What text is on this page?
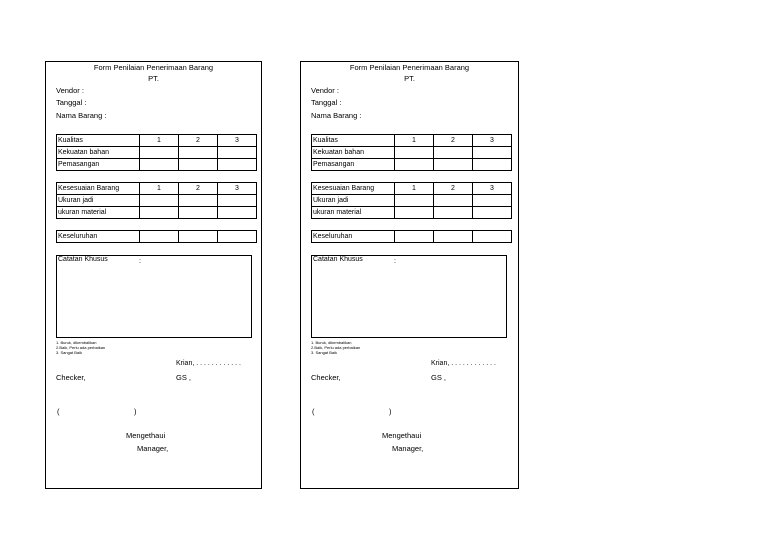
Form Penilaian Penerimaan Barang
PT.
Vendor :
Tanggal :
Nama Barang :
Kualitas	1	2	3
Kekuatan bahan			
Pemasangan			
Kesesuaian Barang	1	2	3
Ukuran jadi			
ukuran material			
Keseluruhan			
Catatan Khusus	:
1. Buruk, dikembalikan
2.Baik, Perlu ada perbaikan
3. Sangat Baik
Krian, . . . . . . . . . . . .
Checker,	GS ,
(	)
Mengethaui
Manager,
Form Penilaian Penerimaan Barang
PT.
Vendor :
Tanggal :
Nama Barang :
Kualitas	1	2	3
Kekuatan bahan			
Pemasangan			
Kesesuaian Barang	1	2	3
Ukuran jadi			
ukuran material			
Keseluruhan			
Catatan Khusus	:
1. Buruk, dikembalikan
2.Baik, Perlu ada perbaikan
3. Sangat Baik
Krian, . . . . . . . . . . . .
Checker,	GS ,
(	)
Mengethaui
Manager,
